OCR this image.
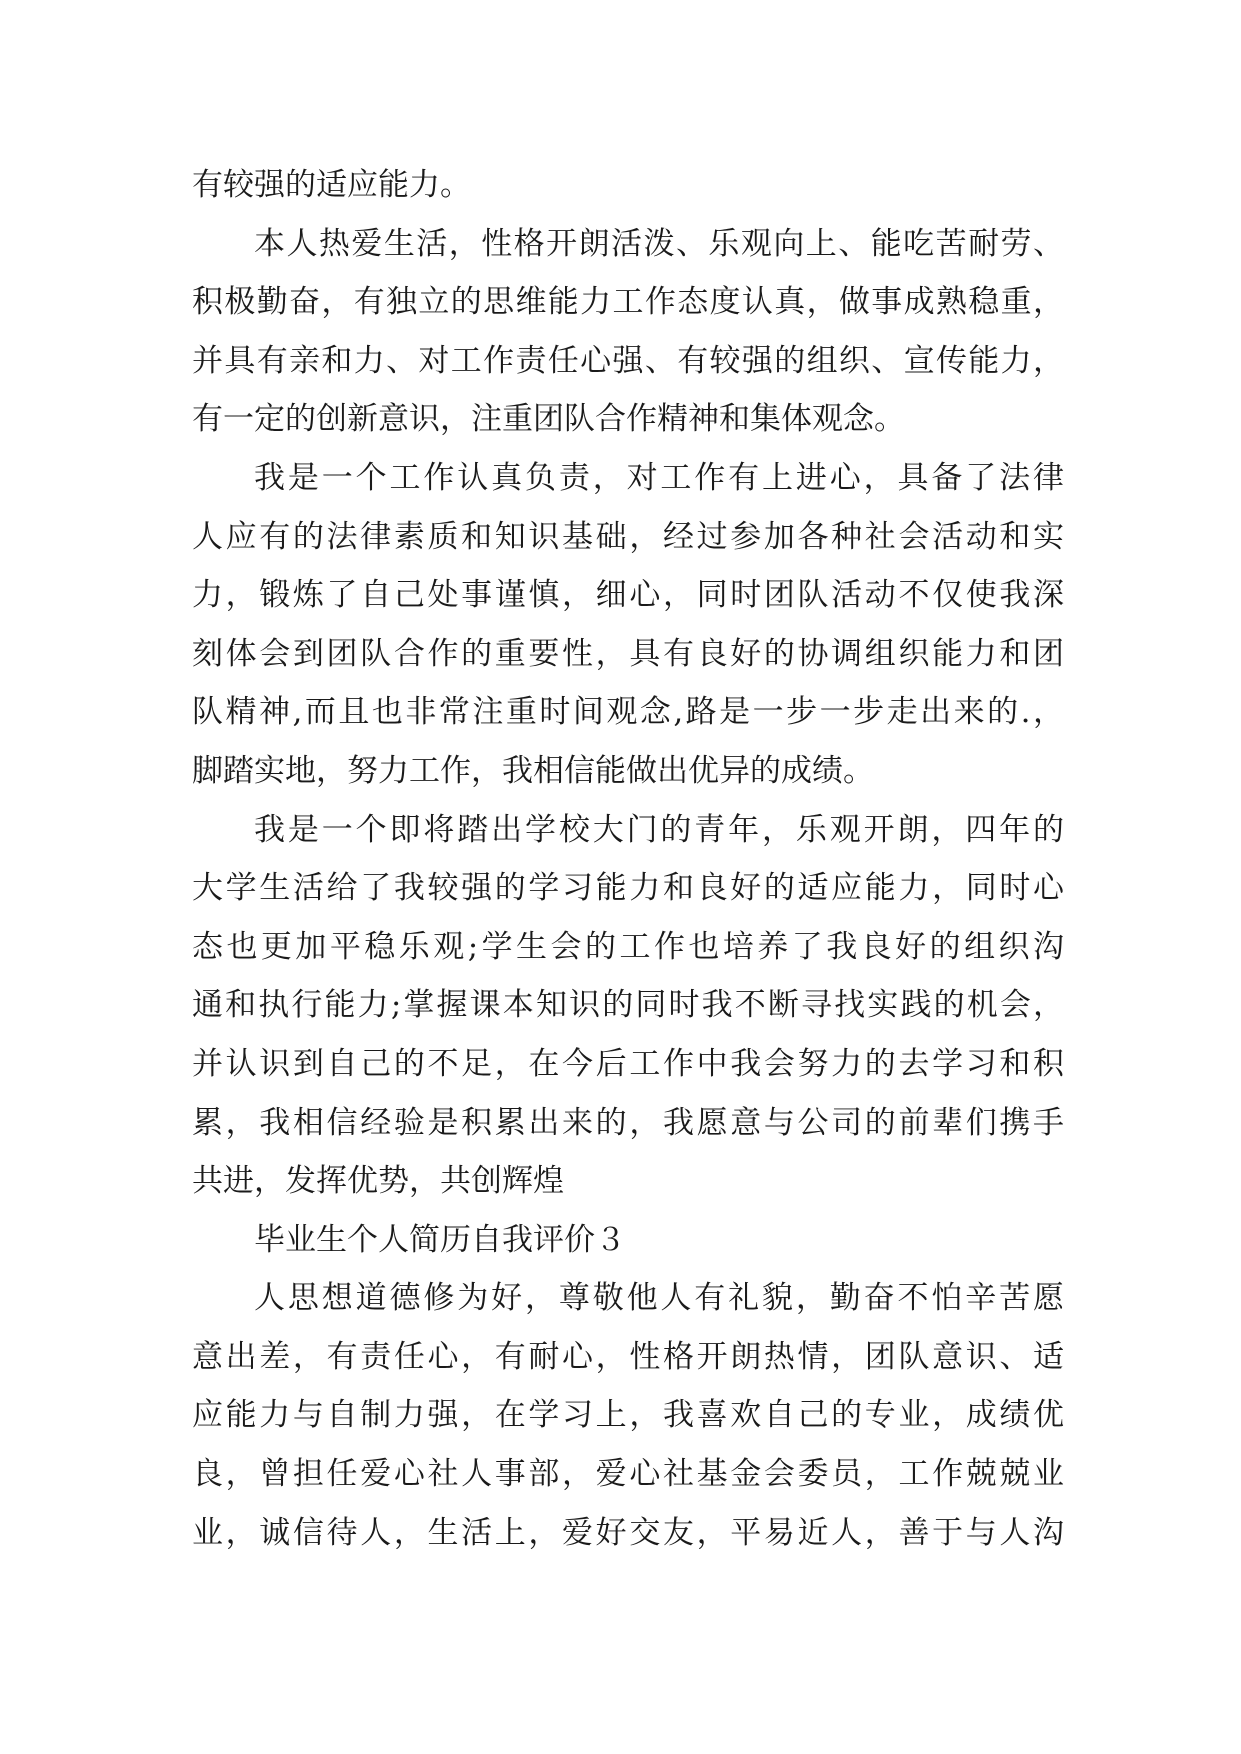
有较强的适应能力。
本人热爱生活，性格开朗活泼、乐观向上、能吃苦耐劳、
积极勤奋，有独立的思维能力工作态度认真，做事成熟稳重，
并具有亲和力、对工作责任心强、有较强的组织、宣传能力，
有一定的创新意识，注重团队合作精神和集体观念。
我是一个工作认真负责，对工作有上进心，具备了法律
人应有的法律素质和知识基础，经过参加各种社会活动和实
力，锻炼了自己处事谨慎，细心，同时团队活动不仅使我深
刻体会到团队合作的重要性，具有良好的协调组织能力和团
队精神,而且也非常注重时间观念,路是一步一步走出来的.，
脚踏实地，努力工作，我相信能做出优异的成绩。
我是一个即将踏出学校大门的青年，乐观开朗，四年的
大学生活给了我较强的学习能力和良好的适应能力，同时心
态也更加平稳乐观;学生会的工作也培养了我良好的组织沟
通和执行能力;掌握课本知识的同时我不断寻找实践的机会，
并认识到自己的不足，在今后工作中我会努力的去学习和积
累，我相信经验是积累出来的，我愿意与公司的前辈们携手
共进，发挥优势，共创辉煌
毕业生个人简历自我评价３
人思想道德修为好，尊敬他人有礼貌，勤奋不怕辛苦愿
意出差，有责任心，有耐心，性格开朗热情，团队意识、适
应能力与自制力强，在学习上，我喜欢自己的专业，成绩优
良，曾担任爱心社人事部，爱心社基金会委员，工作兢兢业
业，诚信待人，生活上，爱好交友，平易近人，善于与人沟
